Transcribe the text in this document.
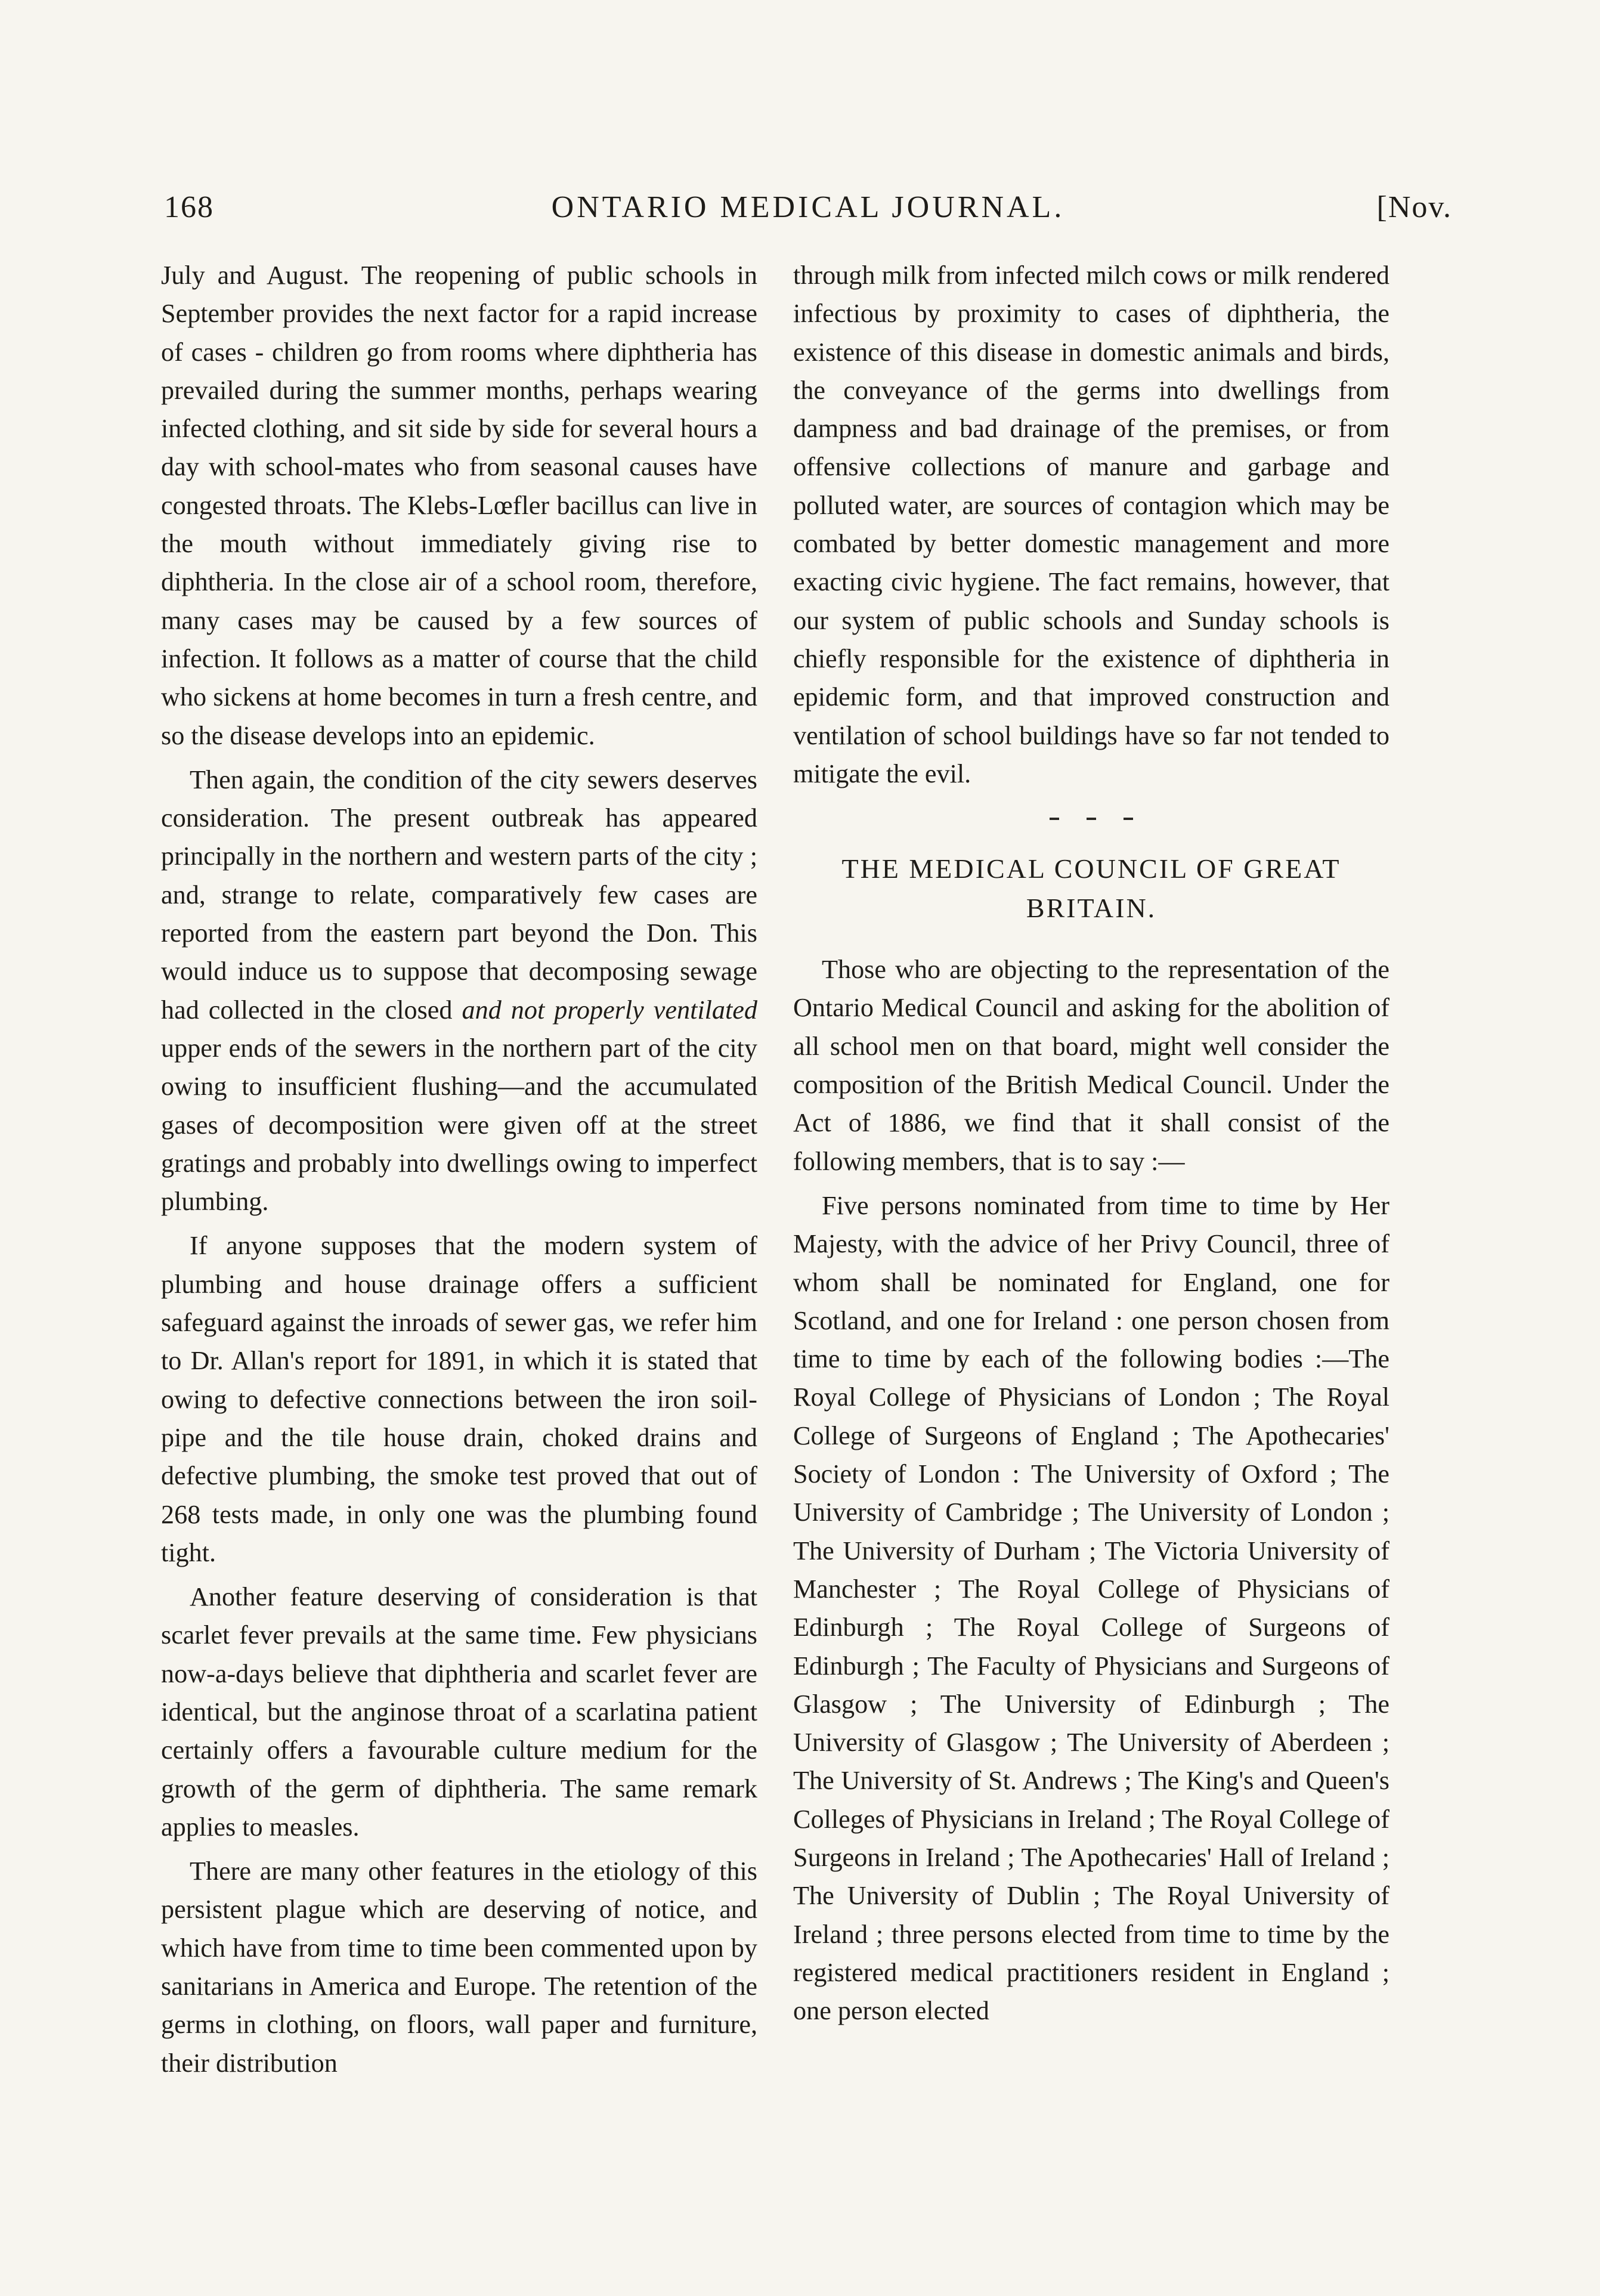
168	ONTARIO MEDICAL JOURNAL.	[Nov.

July and August. The reopening of public schools in September provides the next factor for a rapid increase of cases - children go from rooms where diphtheria has prevailed during the summer months, perhaps wearing infected clothing, and sit side by side for several hours a day with school-mates who from seasonal causes have congested throats. The Klebs-Lœfler bacillus can live in the mouth without immediately giving rise to diphtheria. In the close air of a school room, therefore, many cases may be caused by a few sources of infection. It follows as a matter of course that the child who sickens at home becomes in turn a fresh centre, and so the disease develops into an epidemic.

Then again, the condition of the city sewers deserves consideration. The present outbreak has appeared principally in the northern and western parts of the city ; and, strange to relate, comparatively few cases are reported from the eastern part beyond the Don. This would induce us to suppose that decomposing sewage had collected in the closed and not properly ventilated upper ends of the sewers in the northern part of the city owing to insufficient flushing—and the accumulated gases of decomposition were given off at the street gratings and probably into dwellings owing to imperfect plumbing.

If anyone supposes that the modern system of plumbing and house drainage offers a sufficient safeguard against the inroads of sewer gas, we refer him to Dr. Allan's report for 1891, in which it is stated that owing to defective connections between the iron soil-pipe and the tile house drain, choked drains and defective plumbing, the smoke test proved that out of 268 tests made, in only one was the plumbing found tight.

Another feature deserving of consideration is that scarlet fever prevails at the same time. Few physicians now-a-days believe that diphtheria and scarlet fever are identical, but the anginose throat of a scarlatina patient certainly offers a favourable culture medium for the growth of the germ of diphtheria. The same remark applies to measles.

There are many other features in the etiology of this persistent plague which are deserving of notice, and which have from time to time been commented upon by sanitarians in America and Europe. The retention of the germs in clothing, on floors, wall paper and furniture, their distribution

through milk from infected milch cows or milk rendered infectious by proximity to cases of diphtheria, the existence of this disease in domestic animals and birds, the conveyance of the germs into dwellings from dampness and bad drainage of the premises, or from offensive collections of manure and garbage and polluted water, are sources of contagion which may be combated by better domestic management and more exacting civic hygiene. The fact remains, however, that our system of public schools and Sunday schools is chiefly responsible for the existence of diphtheria in epidemic form, and that improved construction and ventilation of school buildings have so far not tended to mitigate the evil.

THE MEDICAL COUNCIL OF GREAT BRITAIN.

Those who are objecting to the representation of the Ontario Medical Council and asking for the abolition of all school men on that board, might well consider the composition of the British Medical Council. Under the Act of 1886, we find that it shall consist of the following members, that is to say :—

Five persons nominated from time to time by Her Majesty, with the advice of her Privy Council, three of whom shall be nominated for England, one for Scotland, and one for Ireland : one person chosen from time to time by each of the following bodies :—The Royal College of Physicians of London ; The Royal College of Surgeons of England ; The Apothecaries' Society of London : The University of Oxford ; The University of Cambridge ; The University of London ; The University of Durham ; The Victoria University of Manchester ; The Royal College of Physicians of Edinburgh ; The Royal College of Surgeons of Edinburgh ; The Faculty of Physicians and Surgeons of Glasgow ; The University of Edinburgh ; The University of Glasgow ; The University of Aberdeen ; The University of St. Andrews ; The King's and Queen's Colleges of Physicians in Ireland ; The Royal College of Surgeons in Ireland ; The Apothecaries' Hall of Ireland ; The University of Dublin ; The Royal University of Ireland ; three persons elected from time to time by the registered medical practitioners resident in England ; one person elected
